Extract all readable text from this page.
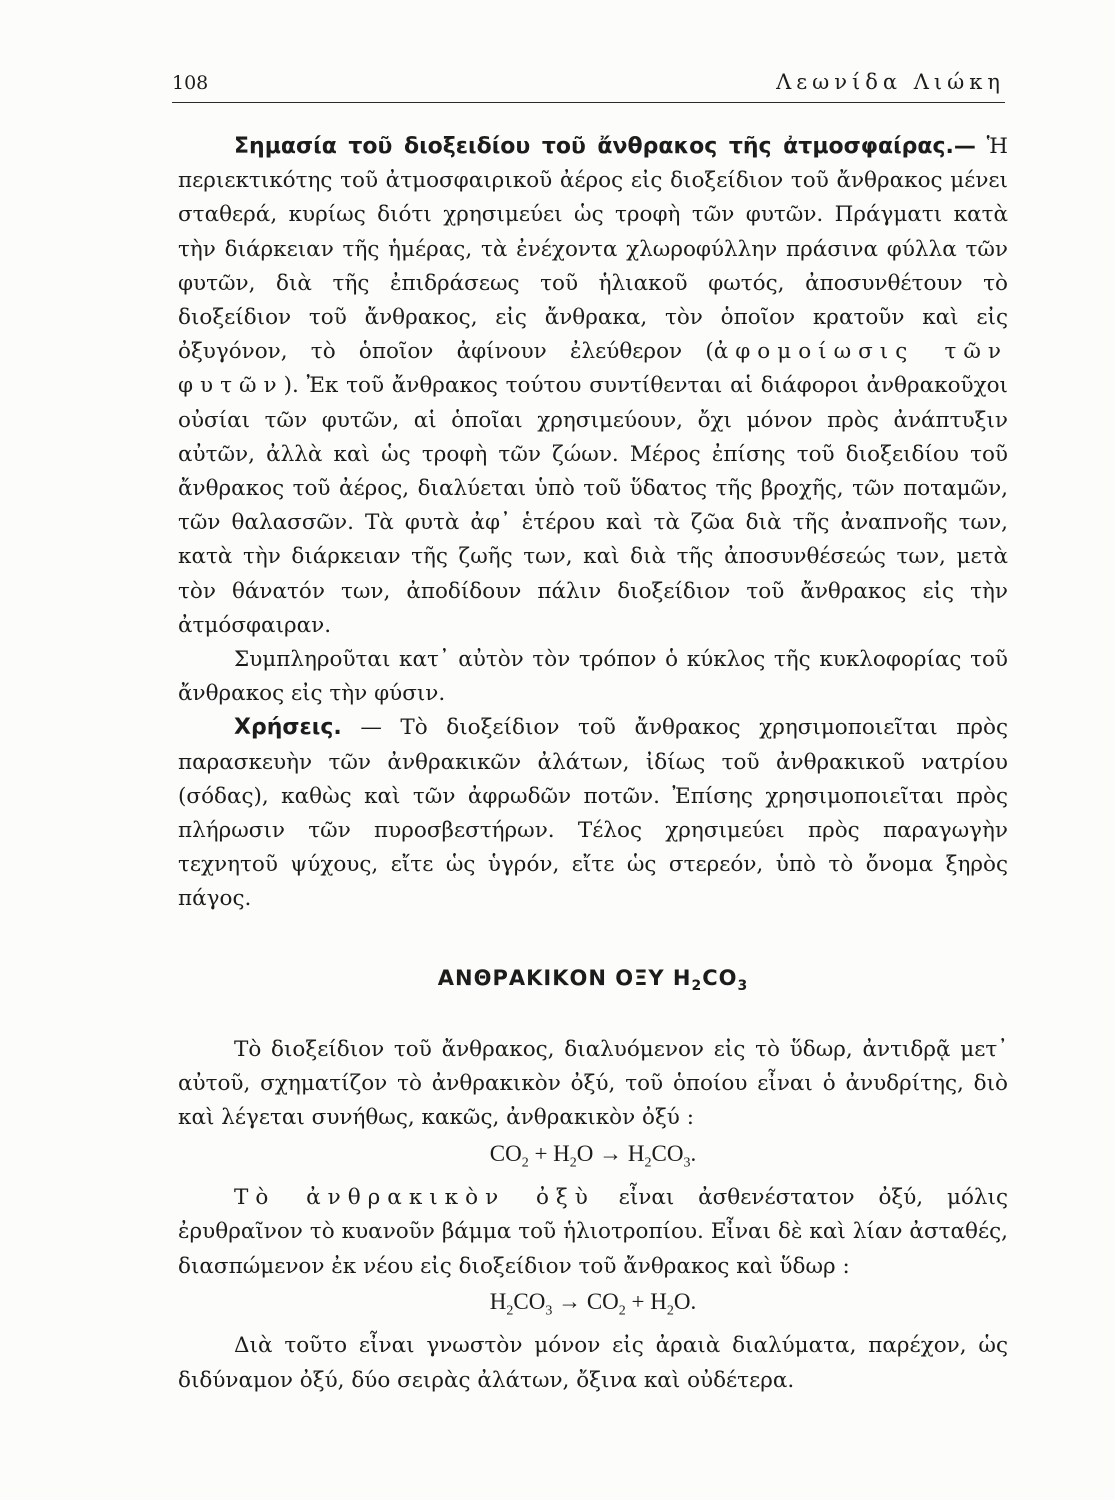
108	Λεωνίδα Λιώκη

Σημασία τοῦ διοξειδίου τοῦ ἄνθρακος τῆς ἀτμοσφαίρας.— Ἡ περιεκτικότης τοῦ ἀτμοσφαιρικοῦ ἀέρος εἰς διοξείδιον τοῦ ἄνθρακος μένει σταθερά, κυρίως διότι χρησιμεύει ὡς τροφὴ τῶν φυτῶν. Πράγματι κατὰ τὴν διάρκειαν τῆς ἡμέρας, τὰ ἐνέχοντα χλωροφύλλην πράσινα φύλλα τῶν φυτῶν, διὰ τῆς ἐπιδράσεως τοῦ ἡλιακοῦ φωτός, ἀποσυνθέτουν τὸ διοξείδιον τοῦ ἄνθρακος, εἰς ἄνθρακα, τὸν ὁποῖον κρατοῦν καὶ εἰς ὀξυγόνον, τὸ ὁποῖον ἀφίνουν ἐλεύθερον (ἀφομοίωσις τῶν φυτῶν). Ἐκ τοῦ ἄνθρακος τούτου συντίθενται αἱ διάφοροι ἀνθρακοῦχοι οὐσίαι τῶν φυτῶν, αἱ ὁποῖαι χρησιμεύουν, ὄχι μόνον πρὸς ἀνάπτυξιν αὐτῶν, ἀλλὰ καὶ ὡς τροφὴ τῶν ζώων. Μέρος ἐπίσης τοῦ διοξειδίου τοῦ ἄνθρακος τοῦ ἀέρος, διαλύεται ὑπὸ τοῦ ὕδατος τῆς βροχῆς, τῶν ποταμῶν, τῶν θαλασσῶν. Τὰ φυτὰ ἀφ᾽ ἑτέρου καὶ τὰ ζῶα διὰ τῆς ἀναπνοῆς των, κατὰ τὴν διάρκειαν τῆς ζωῆς των, καὶ διὰ τῆς ἀποσυνθέσεώς των, μετὰ τὸν θάνατόν των, ἀποδίδουν πάλιν διοξείδιον τοῦ ἄνθρακος εἰς τὴν ἀτμόσφαιραν.

Συμπληροῦται κατ᾽ αὐτὸν τὸν τρόπον ὁ κύκλος τῆς κυκλοφορίας τοῦ ἄνθρακος εἰς τὴν φύσιν.

Χρήσεις. — Τὸ διοξείδιον τοῦ ἄνθρακος χρησιμοποιεῖται πρὸς παρασκευὴν τῶν ἀνθρακικῶν ἀλάτων, ἰδίως τοῦ ἀνθρακικοῦ νατρίου (σόδας), καθὼς καὶ τῶν ἀφρωδῶν ποτῶν. Ἐπίσης χρησιμοποιεῖται πρὸς πλήρωσιν τῶν πυροσβεστήρων. Τέλος χρησιμεύει πρὸς παραγωγὴν τεχνητοῦ ψύχους, εἴτε ὡς ὑγρόν, εἴτε ὡς στερεόν, ὑπὸ τὸ ὄνομα ξηρὸς πάγος.

ΑΝΘΡΑΚΙΚΟΝ ΟΞΥ $H_2CO_3$

Τὸ διοξείδιον τοῦ ἄνθρακος, διαλυόμενον εἰς τὸ ὕδωρ, ἀντιδρᾷ μετ᾽ αὐτοῦ, σχηματίζον τὸ ἀνθρακικὸν ὀξύ, τοῦ ὁποίου εἶναι ὁ ἀνυδρίτης, διὸ καὶ λέγεται συνήθως, κακῶς, ἀνθρακικὸν ὀξύ :

$CO_2 + H_2O \to H_2CO_3$.

Τὸ ἀνθρακικὸν ὀξὺ εἶναι ἀσθενέστατον ὀξύ, μόλις ἐρυθραῖνον τὸ κυανοῦν βάμμα τοῦ ἡλιοτροπίου. Εἶναι δὲ καὶ λίαν ἀσταθές, διασπώμενον ἐκ νέου εἰς διοξείδιον τοῦ ἄνθρακος καὶ ὕδωρ :

$H_2CO_3 \to CO_2 + H_2O$.

Διὰ τοῦτο εἶναι γνωστὸν μόνον εἰς ἀραιὰ διαλύματα, παρέχον, ὡς διδύναμον ὀξύ, δύο σειρὰς ἀλάτων, ὄξινα καὶ οὐδέτερα.
